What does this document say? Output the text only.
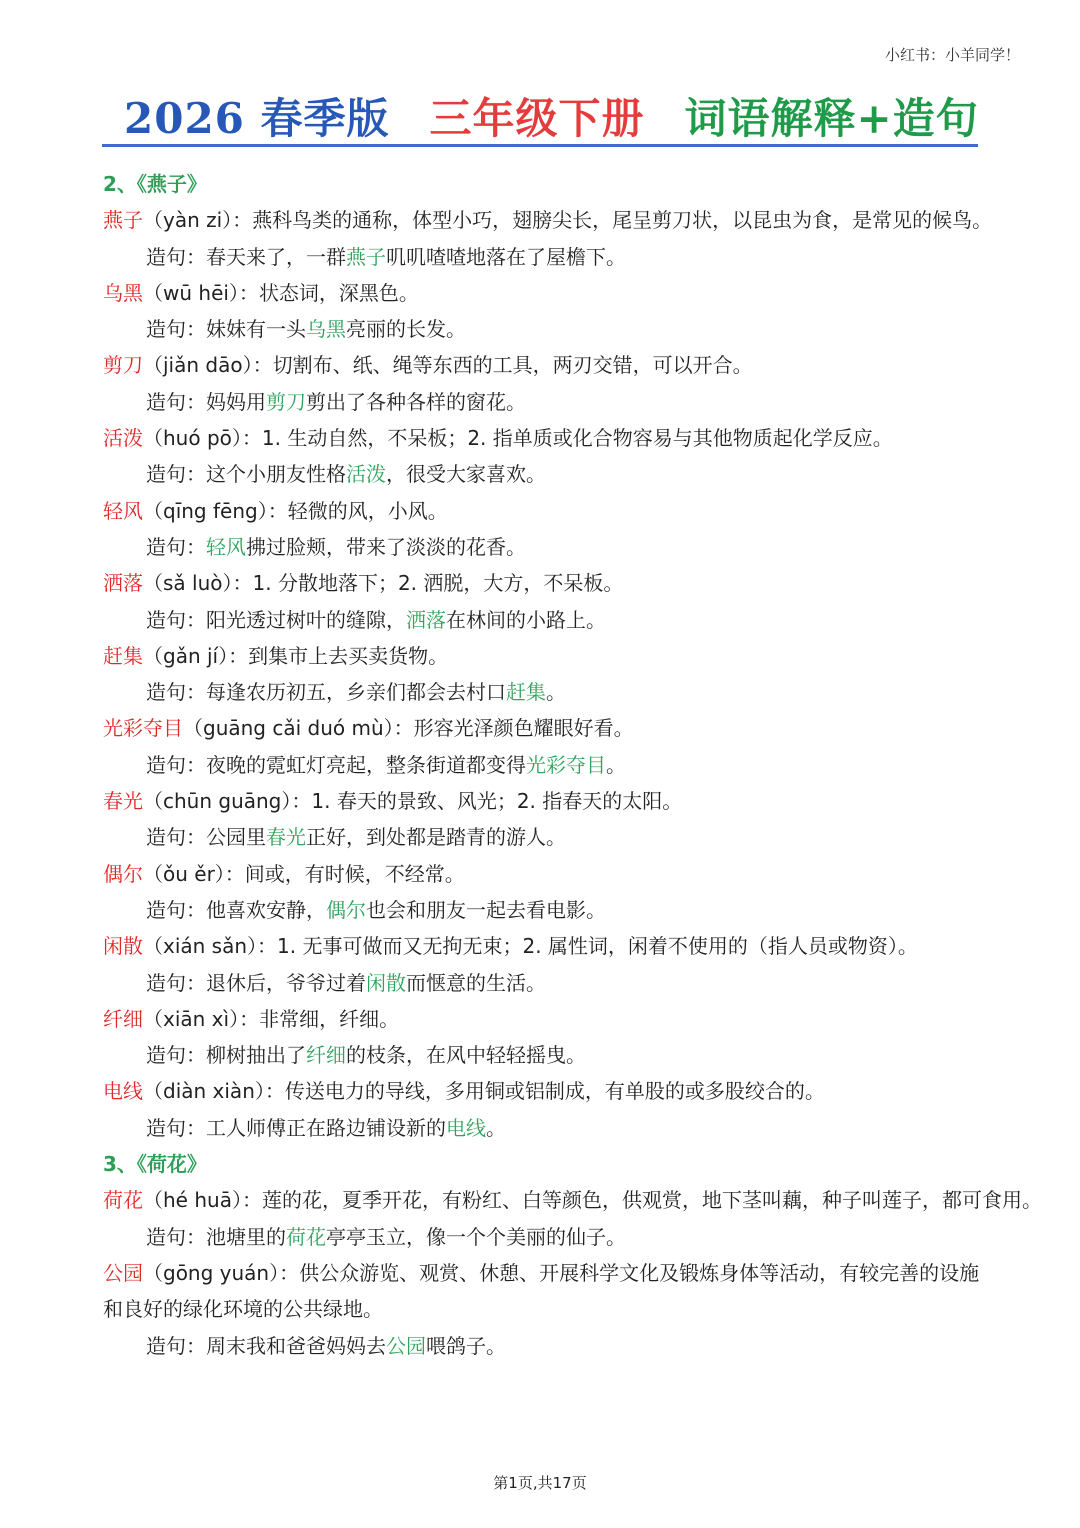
小红书：小羊同学！
2026 春季版 三年级下册 词语解释+造句
2、《燕子》
燕子（yàn zi）：燕科鸟类的通称，体型小巧，翅膀尖长，尾呈剪刀状，以昆虫为食，是常见的候鸟。
造句：春天来了，一群燕子叽叽喳喳地落在了屋檐下。
乌黑（wū hēi）：状态词，深黑色。
造句：妹妹有一头乌黑亮丽的长发。
剪刀（jiǎn dāo）：切割布、纸、绳等东西的工具，两刃交错，可以开合。
造句：妈妈用剪刀剪出了各种各样的窗花。
活泼（huó pō）：1. 生动自然，不呆板；2. 指单质或化合物容易与其他物质起化学反应。
造句：这个小朋友性格活泼，很受大家喜欢。
轻风（qīng fēng）：轻微的风，小风。
造句：轻风拂过脸颊，带来了淡淡的花香。
洒落（sǎ luò）：1. 分散地落下；2. 洒脱，大方，不呆板。
造句：阳光透过树叶的缝隙，洒落在林间的小路上。
赶集（gǎn jí）：到集市上去买卖货物。
造句：每逢农历初五，乡亲们都会去村口赶集。
光彩夺目（guāng cǎi duó mù）：形容光泽颜色耀眼好看。
造句：夜晚的霓虹灯亮起，整条街道都变得光彩夺目。
春光（chūn guāng）：1. 春天的景致、风光；2. 指春天的太阳。
造句：公园里春光正好，到处都是踏青的游人。
偶尔（ǒu ěr）：间或，有时候，不经常。
造句：他喜欢安静，偶尔也会和朋友一起去看电影。
闲散（xián sǎn）：1. 无事可做而又无拘无束；2. 属性词，闲着不使用的（指人员或物资）。
造句：退休后，爷爷过着闲散而惬意的生活。
纤细（xiān xì）：非常细，纤细。
造句：柳树抽出了纤细的枝条，在风中轻轻摇曳。
电线（diàn xiàn）：传送电力的导线，多用铜或铝制成，有单股的或多股绞合的。
造句：工人师傅正在路边铺设新的电线。
3、《荷花》
荷花（hé huā）：莲的花，夏季开花，有粉红、白等颜色，供观赏，地下茎叫藕，种子叫莲子，都可食用。
造句：池塘里的荷花亭亭玉立，像一个个美丽的仙子。
公园（gōng yuán）：供公众游览、观赏、休憩、开展科学文化及锻炼身体等活动，有较完善的设施和良好的绿化环境的公共绿地。
造句：周末我和爸爸妈妈去公园喂鸽子。
第1页,共17页
